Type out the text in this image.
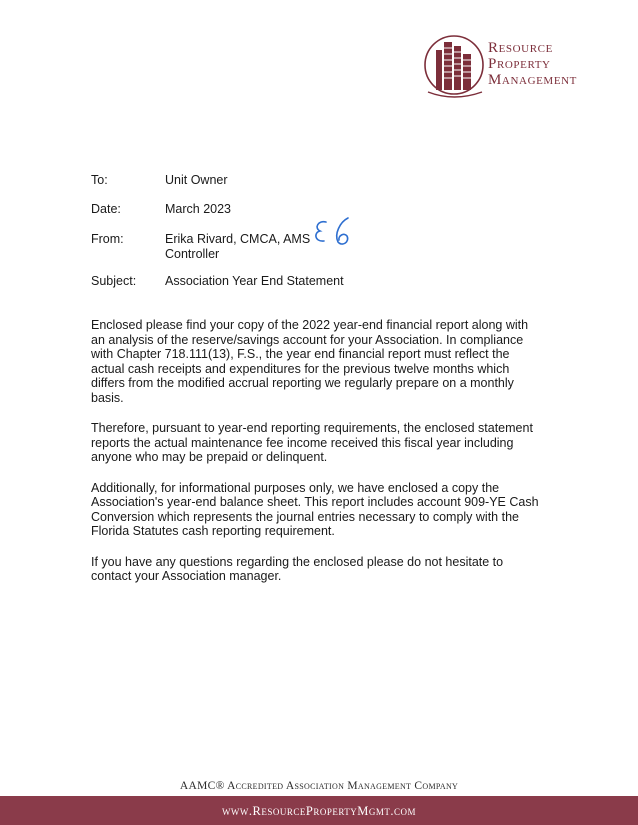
Resource
Property
Management
To:	Unit Owner
Date:	March 2023
From:	Erika Rivard, CMCA, AMS
Controller
Subject: Association Year End Statement

Enclosed please find your copy of the 2022 year-end financial report along with an analysis of the reserve/savings account for your Association. In compliance with Chapter 718.111(13), F.S., the year end financial report must reflect the actual cash receipts and expenditures for the previous twelve months which differs from the modified accrual reporting we regularly prepare on a monthly basis.

Therefore, pursuant to year-end reporting requirements, the enclosed statement reports the actual maintenance fee income received this fiscal year including anyone who may be prepaid or delinquent.

Additionally, for informational purposes only, we have enclosed a copy the Association's year-end balance sheet. This report includes account 909-YE Cash Conversion which represents the journal entries necessary to comply with the Florida Statutes cash reporting requirement.

If you have any questions regarding the enclosed please do not hesitate to contact your Association manager.

AAMC® Accredited Association Management Company
www.ResourcePropertyMgmt.com
